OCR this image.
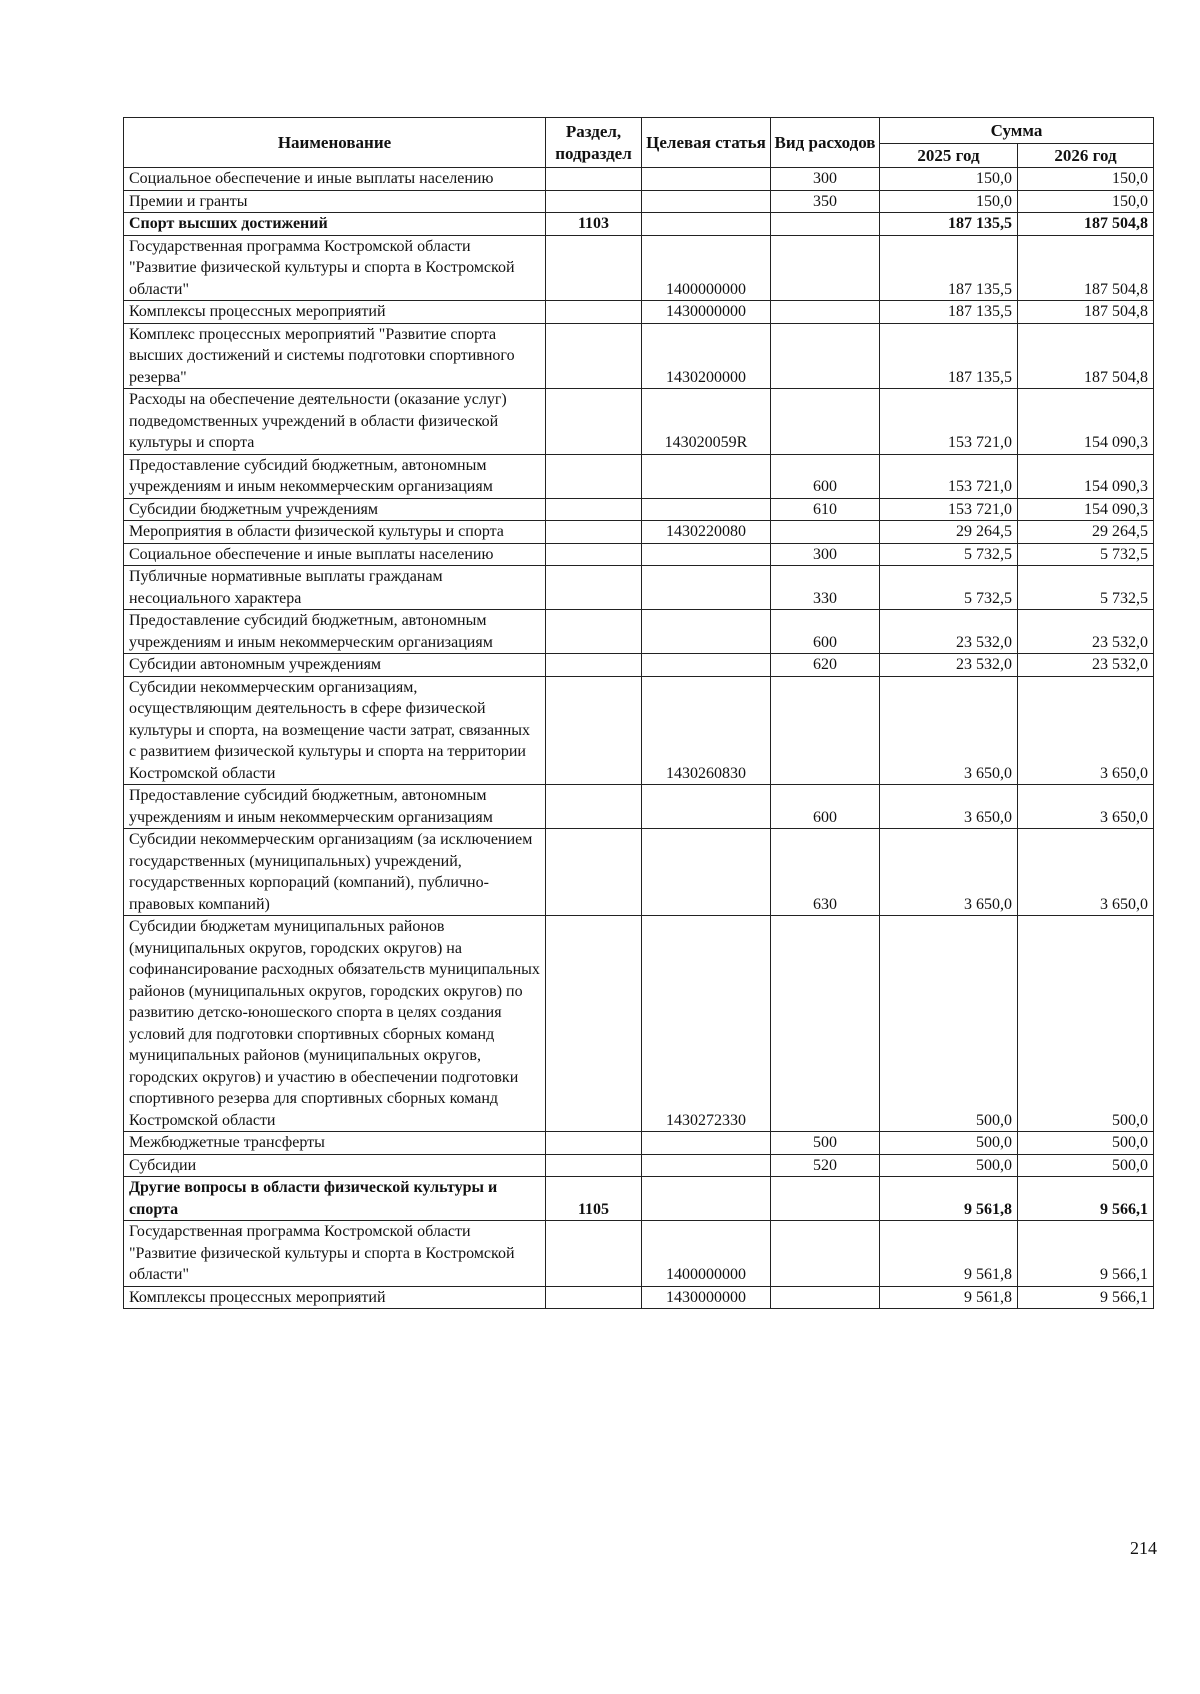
Наименование	Раздел, подраздел	Целевая статья	Вид расходов	Сумма	
				2025 год	2026 год
Социальное обеспечение и иные выплаты населению			300	150,0	150,0
Премии и гранты			350	150,0	150,0
Спорт высших достижений	1103			187 135,5	187 504,8
Государственная программа Костромской области "Развитие физической культуры и спорта в Костромской области"		1400000000		187 135,5	187 504,8
Комплексы процессных мероприятий		1430000000		187 135,5	187 504,8
Комплекс процессных мероприятий "Развитие спорта высших достижений и системы подготовки спортивного резерва"		1430200000		187 135,5	187 504,8
Расходы на обеспечение деятельности (оказание услуг) подведомственных учреждений в области физической культуры и спорта		143020059R		153 721,0	154 090,3
Предоставление субсидий бюджетным, автономным учреждениям и иным некоммерческим организациям			600	153 721,0	154 090,3
Субсидии бюджетным учреждениям			610	153 721,0	154 090,3
Мероприятия в области физической культуры и спорта		1430220080		29 264,5	29 264,5
Социальное обеспечение и иные выплаты населению			300	5 732,5	5 732,5
Публичные нормативные выплаты гражданам несоциального характера			330	5 732,5	5 732,5
Предоставление субсидий бюджетным, автономным учреждениям и иным некоммерческим организациям			600	23 532,0	23 532,0
Субсидии автономным учреждениям			620	23 532,0	23 532,0
Субсидии некоммерческим организациям, осуществляющим деятельность в сфере физической культуры и спорта, на возмещение части затрат, связанных с развитием физической культуры и спорта на территории Костромской области		1430260830		3 650,0	3 650,0
Предоставление субсидий бюджетным, автономным учреждениям и иным некоммерческим организациям			600	3 650,0	3 650,0
Субсидии некоммерческим организациям (за исключением государственных (муниципальных) учреждений, государственных корпораций (компаний), публично-правовых компаний)			630	3 650,0	3 650,0
Субсидии бюджетам муниципальных районов (муниципальных округов, городских округов) на софинансирование расходных обязательств муниципальных районов (муниципальных округов, городских округов) по развитию детско-юношеского спорта в целях создания условий для подготовки спортивных сборных команд муниципальных районов (муниципальных округов, городских округов) и участию в обеспечении подготовки спортивного резерва для спортивных сборных команд Костромской области		1430272330		500,0	500,0
Межбюджетные трансферты			500	500,0	500,0
Субсидии			520	500,0	500,0
Другие вопросы в области физической культуры и спорта	1105			9 561,8	9 566,1
Государственная программа Костромской области "Развитие физической культуры и спорта в Костромской области"		1400000000		9 561,8	9 566,1
Комплексы процессных мероприятий		1430000000		9 561,8	9 566,1
214
